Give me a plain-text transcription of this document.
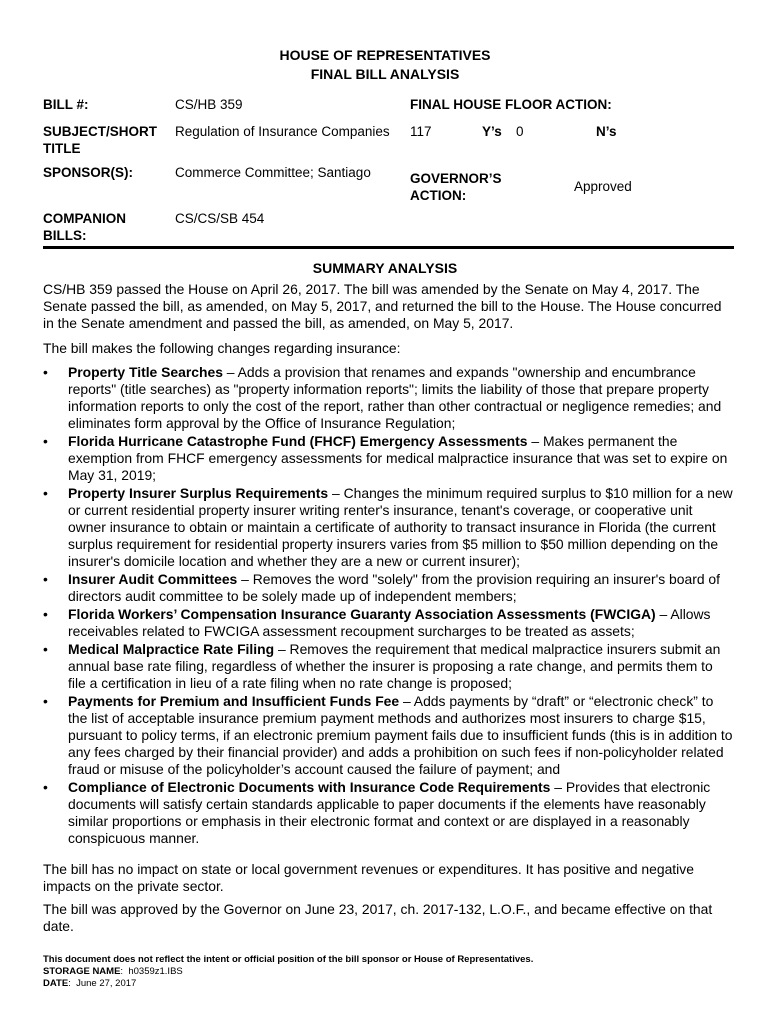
HOUSE OF REPRESENTATIVES
FINAL BILL ANALYSIS
BILL #:	CS/HB 359
SUBJECT/SHORT TITLE
Regulation of Insurance Companies
SPONSOR(S):	Commerce Committee; Santiago
COMPANION BILLS:
CS/CS/SB 454
FINAL HOUSE FLOOR ACTION:
117	Y’s 0	N’s
GOVERNOR’S ACTION:
Approved
SUMMARY ANALYSIS
CS/HB 359 passed the House on April 26, 2017. The bill was amended by the Senate on May 4, 2017. The Senate passed the bill, as amended, on May 5, 2017, and returned the bill to the House. The House concurred in the Senate amendment and passed the bill, as amended, on May 5, 2017.
The bill makes the following changes regarding insurance:
• Property Title Searches – Adds a provision that renames and expands "ownership and encumbrance reports" (title searches) as "property information reports"; limits the liability of those that prepare property information reports to only the cost of the report, rather than other contractual or negligence remedies; and eliminates form approval by the Office of Insurance Regulation;
• Florida Hurricane Catastrophe Fund (FHCF) Emergency Assessments – Makes permanent the exemption from FHCF emergency assessments for medical malpractice insurance that was set to expire on May 31, 2019;
• Property Insurer Surplus Requirements – Changes the minimum required surplus to $10 million for a new or current residential property insurer writing renter's insurance, tenant's coverage, or cooperative unit owner insurance to obtain or maintain a certificate of authority to transact insurance in Florida (the current surplus requirement for residential property insurers varies from $5 million to $50 million depending on the insurer's domicile location and whether they are a new or current insurer);
• Insurer Audit Committees – Removes the word "solely" from the provision requiring an insurer's board of directors audit committee to be solely made up of independent members;
• Florida Workers’ Compensation Insurance Guaranty Association Assessments (FWCIGA) – Allows receivables related to FWCIGA assessment recoupment surcharges to be treated as assets;
• Medical Malpractice Rate Filing – Removes the requirement that medical malpractice insurers submit an annual base rate filing, regardless of whether the insurer is proposing a rate change, and permits them to file a certification in lieu of a rate filing when no rate change is proposed;
• Payments for Premium and Insufficient Funds Fee – Adds payments by “draft” or “electronic check” to the list of acceptable insurance premium payment methods and authorizes most insurers to charge $15, pursuant to policy terms, if an electronic premium payment fails due to insufficient funds (this is in addition to any fees charged by their financial provider) and adds a prohibition on such fees if non-policyholder related fraud or misuse of the policyholder’s account caused the failure of payment; and
• Compliance of Electronic Documents with Insurance Code Requirements – Provides that electronic documents will satisfy certain standards applicable to paper documents if the elements have reasonably similar proportions or emphasis in their electronic format and context or are displayed in a reasonably conspicuous manner.
The bill has no impact on state or local government revenues or expenditures. It has positive and negative impacts on the private sector.
The bill was approved by the Governor on June 23, 2017, ch. 2017-132, L.O.F., and became effective on that date.
This document does not reflect the intent or official position of the bill sponsor or House of Representatives.
STORAGE NAME:  h0359z1.IBS
DATE:  June 27, 2017
